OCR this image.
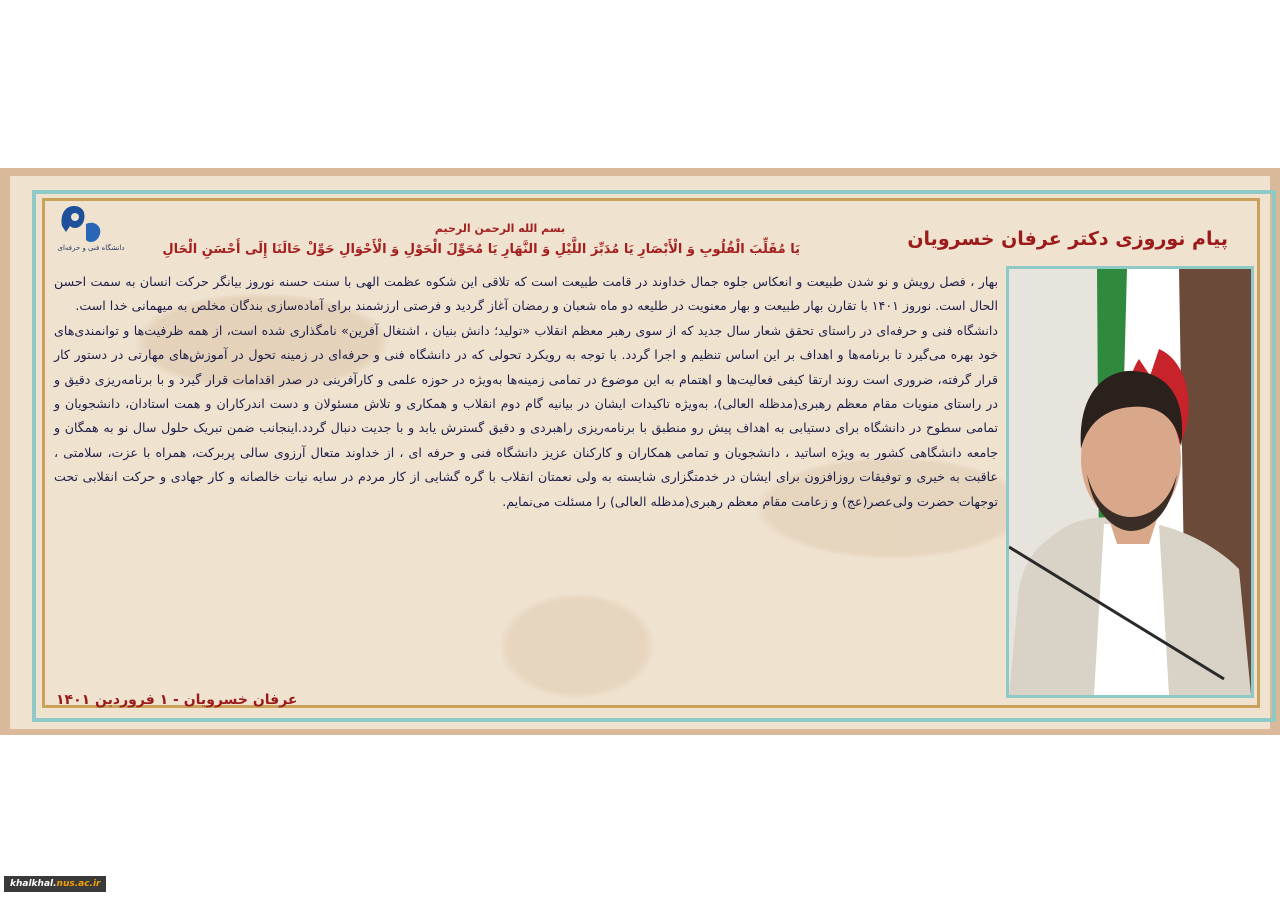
دانشگاه فنی و حرفه‌ای	پیام نوروزی دکتر عرفان خسرویان
بسم الله الرحمن الرحیم
یَا مُقَلِّبَ الْقُلُوبِ وَ الْأَبْصَارِ یَا مُدَبِّرَ اللَّیْلِ وَ النَّهَارِ یَا مُحَوِّلَ الْحَوْلِ وَ الْأَحْوَالِ حَوِّلْ حَالَنَا إِلَى أَحْسَنِ الْحَالِ

بهار ، فصل رویش و نو شدن طبیعت و انعکاس جلوه جمال خداوند در قامت طبیعت است که تلاقی این شکوه عظمت الهی با سنت حسنه نوروز بیانگر حرکت انسان به سمت احسن الحال است. نوروز ۱۴۰۱ با تقارن بهار طبیعت و بهار معنویت در طلیعه دو ماه شعبان و رمضان آغاز گردید و فرصتی ارزشمند برای آماده‌سازی بندگان مخلص به میهمانی خدا است.

دانشگاه فنی و حرفه‌ای در راستای تحقق شعار سال جدید که از سوی رهبر معظم انقلاب «تولید؛ دانش بنیان ، اشتغال آفرین» نامگذاری شده است، از همه ظرفیت‌ها و توانمندی‌های خود بهره می‌گیرد تا برنامه‌ها و اهداف بر این اساس تنظیم و اجرا گردد. با توجه به رویکرد تحولی که در دانشگاه فنی و حرفه‌ای در زمینه تحول در آموزش‌های مهارتی در دستور کار قرار گرفته، ضروری است روند ارتقا کیفی فعالیت‌ها و اهتمام به این موضوع در تمامی زمینه‌ها به‌ویژه در حوزه علمی و کارآفرینی در صدر اقدامات قرار گیرد و با برنامه‌ریزی دقیق و در راستای منویات مقام معظم رهبری(مدظله العالی)، به‌ویژه تاکیدات ایشان در بیانیه گام دوم انقلاب و همکاری و تلاش مسئولان و دست اندرکاران و همت استادان، دانشجویان و تمامی سطوح در دانشگاه برای دستیابی به اهداف پیش رو منطبق با برنامه‌ریزی راهبردی و دقیق گسترش یابد و با جدیت دنبال گردد.اینجانب ضمن تبریک حلول سال نو به همگان و جامعه دانشگاهی کشور به ویژه اساتید ، دانشجویان و تمامی همکاران و کارکنان عزیز دانشگاه فنی و حرفه ای ، از خداوند متعال آرزوی سالی پربرکت، همراه با عزت، سلامتی ، عاقبت به خیری و توفیقات روزافزون برای ایشان در خدمتگزاری شایسته به ولی نعمتان انقلاب با گره گشایی از کار مردم در سایه نیات خالصانه و کار جهادی و حرکت انقلابی تحت توجهات حضرت ولی‌عصر(عج) و زعامت مقام معظم رهبری(مدظله العالی) را مسئلت می‌نمایم.

عرفان خسرویان - ۱ فروردین ۱۴۰۱
khalkhal.nus.ac.ir
